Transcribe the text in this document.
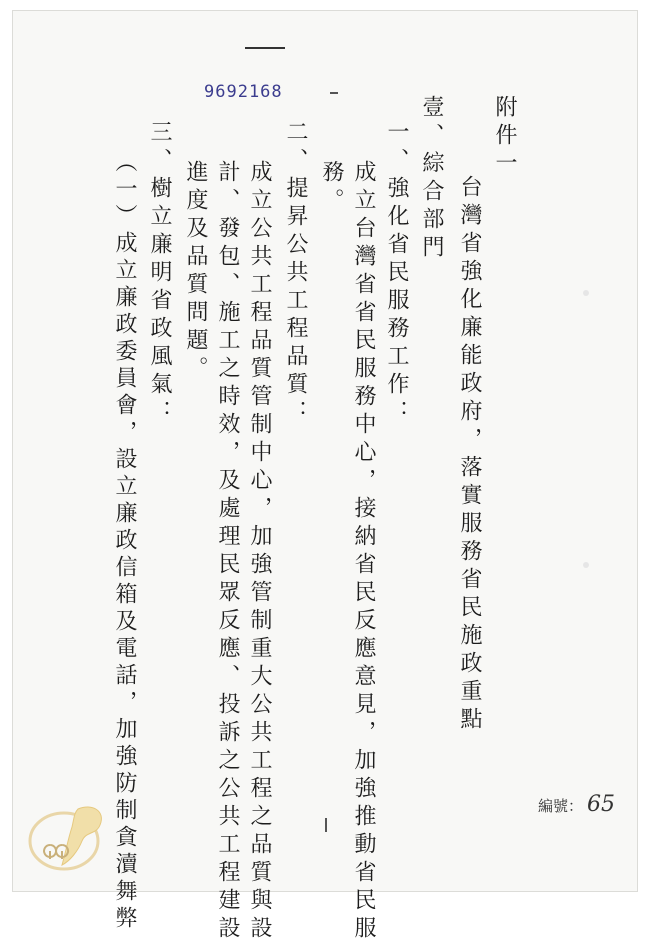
9692168
附件一
台灣省強化廉能政府，落實服務省民施政重點
壹、綜合部門
一、強化省民服務工作：
成立台灣省省民服務中心，接納省民反應意見，加強推動省民服
務。
二、提昇公共工程品質：
成立公共工程品質管制中心，加強管制重大公共工程之品質與設
計、發包、施工之時效，及處理民眾反應、投訴之公共工程建設
進度及品質問題。
三、樹立廉明省政風氣：
（一）成立廉政委員會，設立廉政信箱及電話，加強防制貪瀆舞弊	編號： 65
